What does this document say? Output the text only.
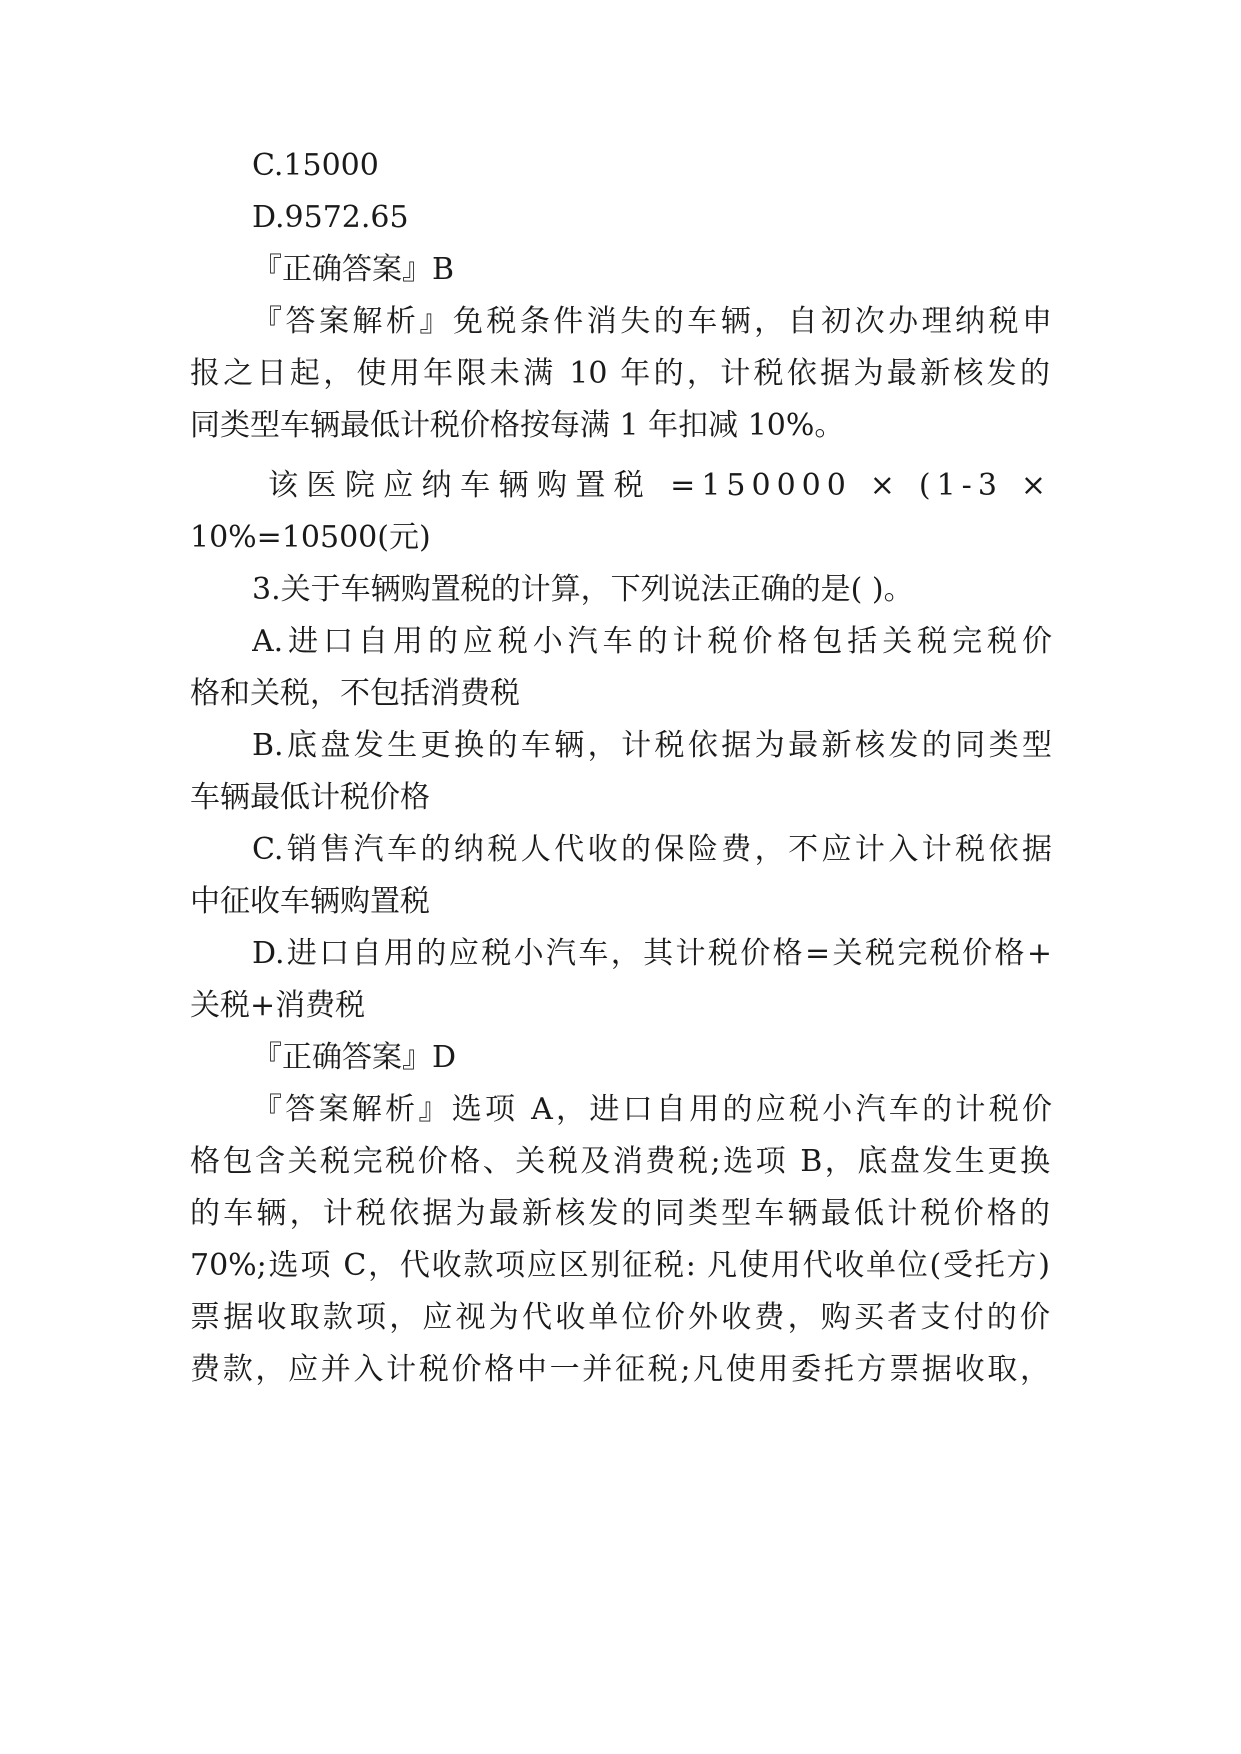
C.15000
D.9572.65
『正确答案』B
『答案解析』免税条件消失的车辆，自初次办理纳税申
报之日起，使用年限未满 10 年的，计税依据为最新核发的
同类型车辆最低计税价格按每满 1 年扣减 10%。
该医院应纳车辆购置税 =150000 × (1-3 ×
10%=10500(元)
3.关于车辆购置税的计算，下列说法正确的是( )。
A.进口自用的应税小汽车的计税价格包括关税完税价
格和关税，不包括消费税
B.底盘发生更换的车辆，计税依据为最新核发的同类型
车辆最低计税价格
C.销售汽车的纳税人代收的保险费，不应计入计税依据
中征收车辆购置税
D.进口自用的应税小汽车，其计税价格=关税完税价格+
关税+消费税
『正确答案』D
『答案解析』选项 A，进口自用的应税小汽车的计税价
格包含关税完税价格、关税及消费税;选项 B，底盘发生更换
的车辆，计税依据为最新核发的同类型车辆最低计税价格的
70%;选项 C，代收款项应区别征税: 凡使用代收单位(受托方)
票据收取款项，应视为代收单位价外收费，购买者支付的价
费款，应并入计税价格中一并征税;凡使用委托方票据收取，
